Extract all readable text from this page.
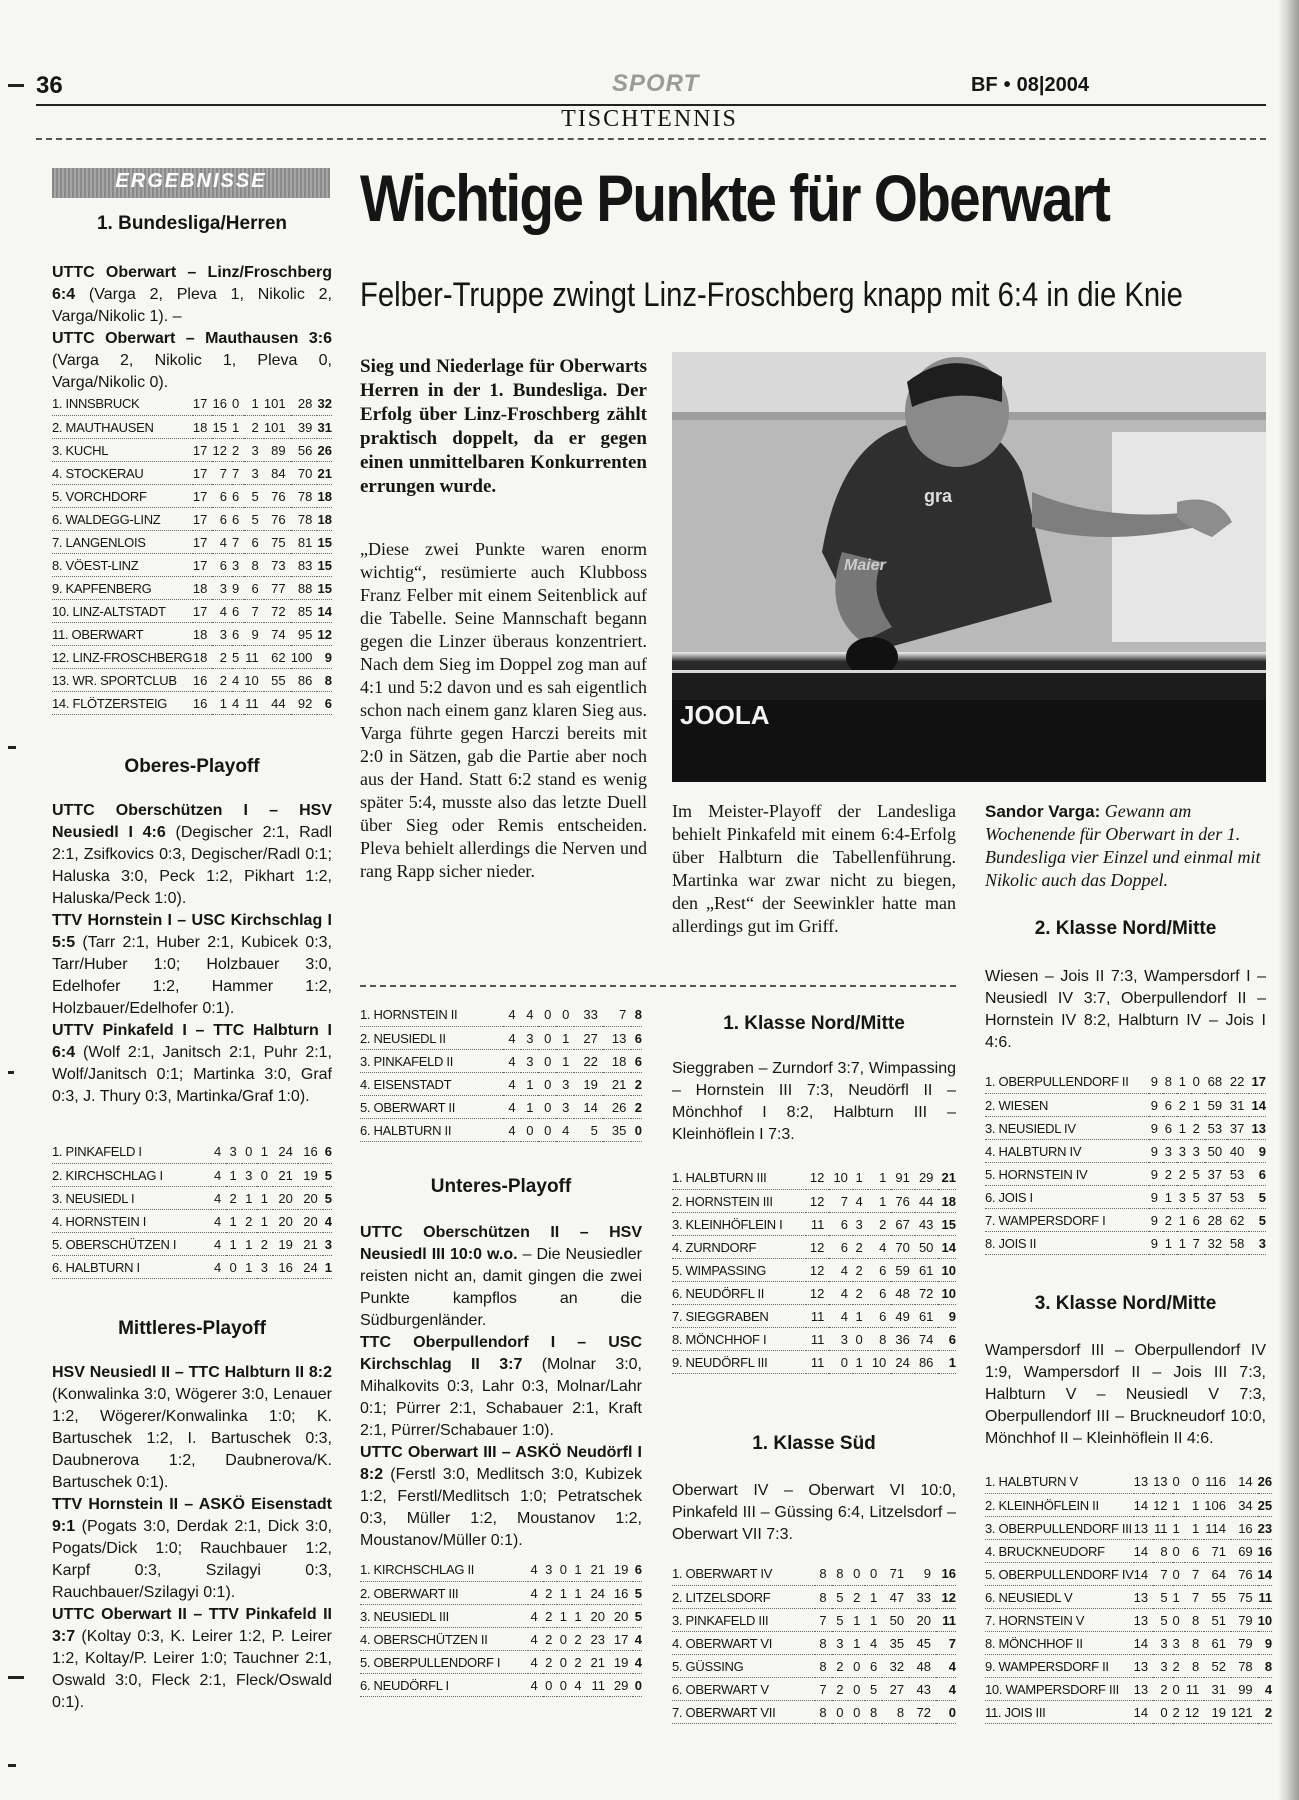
36	SPORT	BF • 08|2004
TISCHTENNIS
ERGEBNISSE
1. Bundesliga/Herren
UTTC Oberwart – Linz/Froschberg 6:4 (Varga 2, Pleva 1, Nikolic 2, Varga/Nikolic 1). –
UTTC Oberwart – Mauthausen 3:6 (Varga 2, Nikolic 1, Pleva 0, Varga/Nikolic 0).
1. INNSBRUCK	17	16	0	1	101	28	32
2. MAUTHAUSEN	18	15	1	2	101	39	31
3. KUCHL	17	12	2	3	89	56	26
4. STOCKERAU	17	7	7	3	84	70	21
5. VORCHDORF	17	6	6	5	76	78	18
6. WALDEGG-LINZ	17	6	6	5	76	78	18
7. LANGENLOIS	17	4	7	6	75	81	15
8. VÖEST-LINZ	17	6	3	8	73	83	15
9. KAPFENBERG	18	3	9	6	77	88	15
10. LINZ-ALTSTADT	17	4	6	7	72	85	14
11. OBERWART	18	3	6	9	74	95	12
12. LINZ-FROSCHBERG	18	2	5	11	62	100	9
13. WR. SPORTCLUB	16	2	4	10	55	86	8
14. FLÖTZERSTEIG	16	1	4	11	44	92	6
Oberes-Playoff
UTTC Oberschützen I – HSV Neusiedl I 4:6 (Degischer 2:1, Radl 2:1, Zsifkovics 0:3, Degischer/Radl 0:1; Haluska 3:0, Peck 1:2, Pikhart 1:2, Haluska/Peck 1:0).
TTV Hornstein I – USC Kirchschlag I 5:5 (Tarr 2:1, Huber 2:1, Kubicek 0:3, Tarr/Huber 1:0; Holzbauer 3:0, Edelhofer 1:2, Hammer 1:2, Holzbauer/Edelhofer 0:1).
UTTV Pinkafeld I – TTC Halbturn I 6:4 (Wolf 2:1, Janitsch 2:1, Puhr 2:1, Wolf/Janitsch 0:1; Martinka 3:0, Graf 0:3, J. Thury 0:3, Martinka/Graf 1:0).
1. PINKAFELD I	4	3	0	1	24	16	6
2. KIRCHSCHLAG I	4	1	3	0	21	19	5
3. NEUSIEDL I	4	2	1	1	20	20	5
4. HORNSTEIN I	4	1	2	1	20	20	4
5. OBERSCHÜTZEN I	4	1	1	2	19	21	3
6. HALBTURN I	4	0	1	3	16	24	1
Mittleres-Playoff
HSV Neusiedl II – TTC Halbturn II 8:2 (Konwalinka 3:0, Wögerer 3:0, Lenauer 1:2, Wögerer/Konwalinka 1:0; K. Bartuschek 1:2, I. Bartuschek 0:3, Daubnerova 1:2, Daubnerova/K. Bartuschek 0:1).
TTV Hornstein II – ASKÖ Eisenstadt 9:1 (Pogats 3:0, Derdak 2:1, Dick 3:0, Pogats/Dick 1:0; Rauchbauer 1:2, Karpf 0:3, Szilagyi 0:3, Rauchbauer/Szilagyi 0:1).
UTTC Oberwart II – TTV Pinkafeld II 3:7 (Koltay 0:3, K. Leirer 1:2, P. Leirer 1:2, Koltay/P. Leirer 1:0; Tauchner 2:1, Oswald 3:0, Fleck 2:1, Fleck/Oswald 0:1).
Wichtige Punkte für Oberwart
Felber-Truppe zwingt Linz-Froschberg knapp mit 6:4 in die Knie
Sieg und Niederlage für Oberwarts Herren in der 1. Bundesliga. Der Erfolg über Linz-Froschberg zählt praktisch doppelt, da er gegen einen unmittelbaren Konkurrenten errungen wurde.
„Diese zwei Punkte waren enorm wichtig“, resümierte auch Klubboss Franz Felber mit einem Seitenblick auf die Tabelle. Seine Mannschaft begann gegen die Linzer überaus konzentriert. Nach dem Sieg im Doppel zog man auf 4:1 und 5:2 davon und es sah eigentlich schon nach einem ganz klaren Sieg aus. Varga führte gegen Harczi bereits mit 2:0 in Sätzen, gab die Partie aber noch aus der Hand. Statt 6:2 stand es wenig später 5:4, musste also das letzte Duell über Sieg oder Remis entscheiden. Pleva behielt allerdings die Nerven und rang Rapp sicher nieder.
gra
Maier
JOOLA
Im Meister-Playoff der Landesliga behielt Pinkafeld mit einem 6:4-Erfolg über Halbturn die Tabellenführung. Martinka war zwar nicht zu biegen, den „Rest“ der Seewinkler hatte man allerdings gut im Griff.
Sandor Varga: Gewann am Wochenende für Oberwart in der 1. Bundesliga vier Einzel und einmal mit Nikolic auch das Doppel.
1. HORNSTEIN II	4	4	0	0	33	7	8
2. NEUSIEDL II	4	3	0	1	27	13	6
3. PINKAFELD II	4	3	0	1	22	18	6
4. EISENSTADT	4	1	0	3	19	21	2
5. OBERWART II	4	1	0	3	14	26	2
6. HALBTURN II	4	0	0	4	5	35	0
Unteres-Playoff
UTTC Oberschützen II – HSV Neusiedl III 10:0 w.o. – Die Neusiedler reisten nicht an, damit gingen die zwei Punkte kampflos an die Südburgenländer.
TTC Oberpullendorf I – USC Kirchschlag II 3:7 (Molnar 3:0, Mihalkovits 0:3, Lahr 0:3, Molnar/Lahr 0:1; Pürrer 2:1, Schabauer 2:1, Kraft 2:1, Pürrer/Schabauer 1:0).
UTTC Oberwart III – ASKÖ Neudörfl I 8:2 (Ferstl 3:0, Medlitsch 3:0, Kubizek 1:2, Ferstl/Medlitsch 1:0; Petratschek 0:3, Müller 1:2, Moustanov 1:2, Moustanov/Müller 0:1).
1. KIRCHSCHLAG II	4	3	0	1	21	19	6
2. OBERWART III	4	2	1	1	24	16	5
3. NEUSIEDL III	4	2	1	1	20	20	5
4. OBERSCHÜTZEN II	4	2	0	2	23	17	4
5. OBERPULLENDORF I	4	2	0	2	21	19	4
6. NEUDÖRFL I	4	0	0	4	11	29	0
1. Klasse Nord/Mitte
Sieggraben – Zurndorf 3:7, Wimpassing – Hornstein III 7:3, Neudörfl II – Mönchhof I 8:2, Halbturn III – Kleinhöflein I 7:3.
1. HALBTURN III	12	10	1	1	91	29	21
2. HORNSTEIN III	12	7	4	1	76	44	18
3. KLEINHÖFLEIN I	11	6	3	2	67	43	15
4. ZURNDORF	12	6	2	4	70	50	14
5. WIMPASSING	12	4	2	6	59	61	10
6. NEUDÖRFL II	12	4	2	6	48	72	10
7. SIEGGRABEN	11	4	1	6	49	61	9
8. MÖNCHHOF I	11	3	0	8	36	74	6
9. NEUDÖRFL III	11	0	1	10	24	86	1
1. Klasse Süd
Oberwart IV – Oberwart VI 10:0, Pinkafeld III – Güssing 6:4, Litzelsdorf – Oberwart VII 7:3.
1. OBERWART IV	8	8	0	0	71	9	16
2. LITZELSDORF	8	5	2	1	47	33	12
3. PINKAFELD III	7	5	1	1	50	20	11
4. OBERWART VI	8	3	1	4	35	45	7
5. GÜSSING	8	2	0	6	32	48	4
6. OBERWART V	7	2	0	5	27	43	4
7. OBERWART VII	8	0	0	8	8	72	0
2. Klasse Nord/Mitte
Wiesen – Jois II 7:3, Wampersdorf I – Neusiedl IV 3:7, Oberpullendorf II – Hornstein IV 8:2, Halbturn IV – Jois I 4:6.
1. OBERPULLENDORF II	9	8	1	0	68	22	17
2. WIESEN	9	6	2	1	59	31	14
3. NEUSIEDL IV	9	6	1	2	53	37	13
4. HALBTURN IV	9	3	3	3	50	40	9
5. HORNSTEIN IV	9	2	2	5	37	53	6
6. JOIS I	9	1	3	5	37	53	5
7. WAMPERSDORF I	9	2	1	6	28	62	5
8. JOIS II	9	1	1	7	32	58	3
3. Klasse Nord/Mitte
Wampersdorf III – Oberpullendorf IV 1:9, Wampersdorf II – Jois III 7:3, Halbturn V – Neusiedl V 7:3, Oberpullendorf III – Bruckneudorf 10:0, Mönchhof II – Kleinhöflein II 4:6.
1. HALBTURN V	13	13	0	0	116	14	26
2. KLEINHÖFLEIN II	14	12	1	1	106	34	25
3. OBERPULLENDORF III	13	11	1	1	114	16	23
4. BRUCKNEUDORF	14	8	0	6	71	69	16
5. OBERPULLENDORF IV	14	7	0	7	64	76	14
6. NEUSIEDL V	13	5	1	7	55	75	11
7. HORNSTEIN V	13	5	0	8	51	79	10
8. MÖNCHHOF II	14	3	3	8	61	79	9
9. WAMPERSDORF II	13	3	2	8	52	78	8
10. WAMPERSDORF III	13	2	0	11	31	99	4
11. JOIS III	14	0	2	12	19	121	2
